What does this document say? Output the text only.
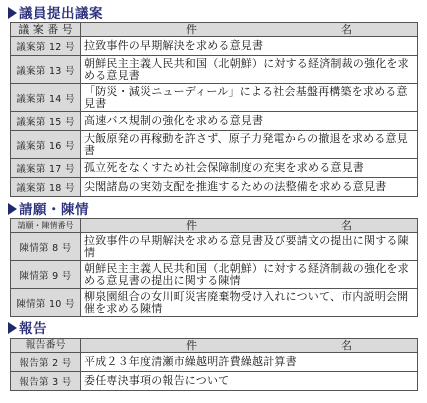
議員提出議案
議 案 番 号	件 名
議案第 12 号	拉致事件の早期解決を求める意見書
議案第 13 号	朝鮮民主主義人民共和国（北朝鮮）に対する経済制裁の強化を求める意見書
議案第 14 号	「防災・減災ニューディール」による社会基盤再構築を求める意見書
議案第 15 号	高速バス規制の強化を求める意見書
議案第 16 号	大飯原発の再稼動を許さず、原子力発電からの撤退を求める意見書
議案第 17 号	孤立死をなくすため社会保障制度の充実を求める意見書
議案第 18 号	尖閣諸島の実効支配を推進するための法整備を求める意見書
請願・陳情
請願・陳情番号	件 名
陳情第 8 号	拉致事件の早期解決を求める意見書及び要請文の提出に関する陳情
陳情第 9 号	朝鮮民主主義人民共和国（北朝鮮）に対する経済制裁の強化を求める意見書の提出に関する陳情
陳情第 10 号	柳泉園組合の女川町災害廃棄物受け入れについて、市内説明会開催を求める陳情
報告
報告番号	件 名
報告第 2 号	平成２３年度清瀬市繰越明許費繰越計算書
報告第 3 号	委任専決事項の報告について
